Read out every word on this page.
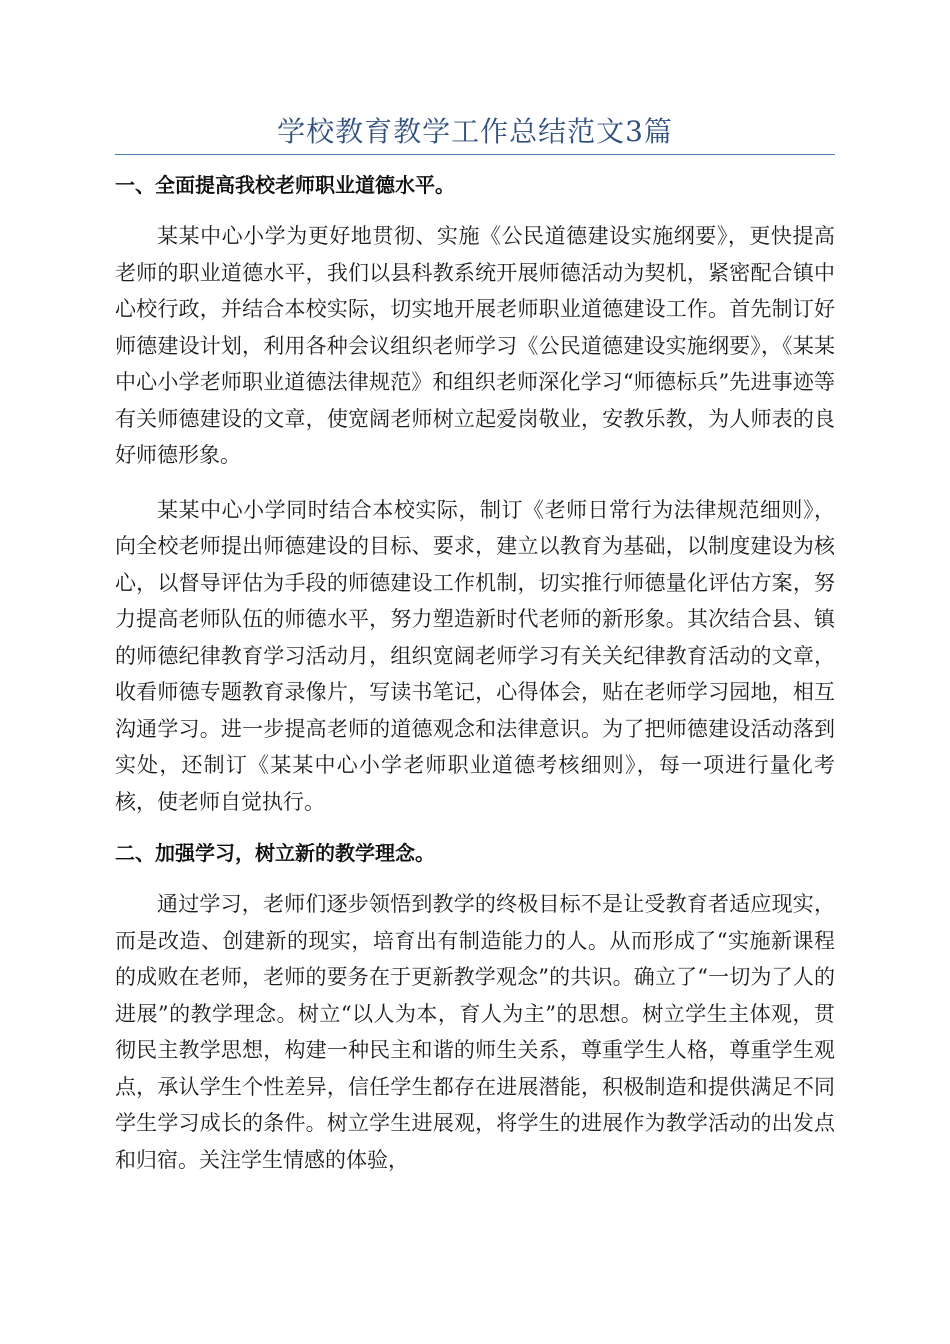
学校教育教学工作总结范文3篇

一、全面提高我校老师职业道德水平。

某某中心小学为更好地贯彻、实施《公民道德建设实施纲要》，更快提高老师的职业道德水平，我们以县科教系统开展师德活动为契机，紧密配合镇中心校行政，并结合本校实际，切实地开展老师职业道德建设工作。首先制订好师德建设计划，利用各种会议组织老师学习《公民道德建设实施纲要》，《某某中心小学老师职业道德法律规范》和组织老师深化学习“师德标兵”先进事迹等有关师德建设的文章，使宽阔老师树立起爱岗敬业，安教乐教，为人师表的良好师德形象。

某某中心小学同时结合本校实际，制订《老师日常行为法律规范细则》，向全校老师提出师德建设的目标、要求，建立以教育为基础，以制度建设为核心，以督导评估为手段的师德建设工作机制，切实推行师德量化评估方案，努力提高老师队伍的师德水平，努力塑造新时代老师的新形象。其次结合县、镇的师德纪律教育学习活动月，组织宽阔老师学习有关关纪律教育活动的文章，收看师德专题教育录像片，写读书笔记，心得体会，贴在老师学习园地，相互沟通学习。进一步提高老师的道德观念和法律意识。为了把师德建设活动落到实处，还制订《某某中心小学老师职业道德考核细则》，每一项进行量化考核，使老师自觉执行。

二、加强学习，树立新的教学理念。

通过学习，老师们逐步领悟到教学的终极目标不是让受教育者适应现实，而是改造、创建新的现实，培育出有制造能力的人。从而形成了“实施新课程的成败在老师，老师的要务在于更新教学观念”的共识。确立了“一切为了人的进展”的教学理念。树立“以人为本，育人为主”的思想。树立学生主体观，贯彻民主教学思想，构建一种民主和谐的师生关系，尊重学生人格，尊重学生观点，承认学生个性差异，信任学生都存在进展潜能，积极制造和提供满足不同学生学习成长的条件。树立学生进展观，将学生的进展作为教学活动的出发点和归宿。关注学生情感的体验，
